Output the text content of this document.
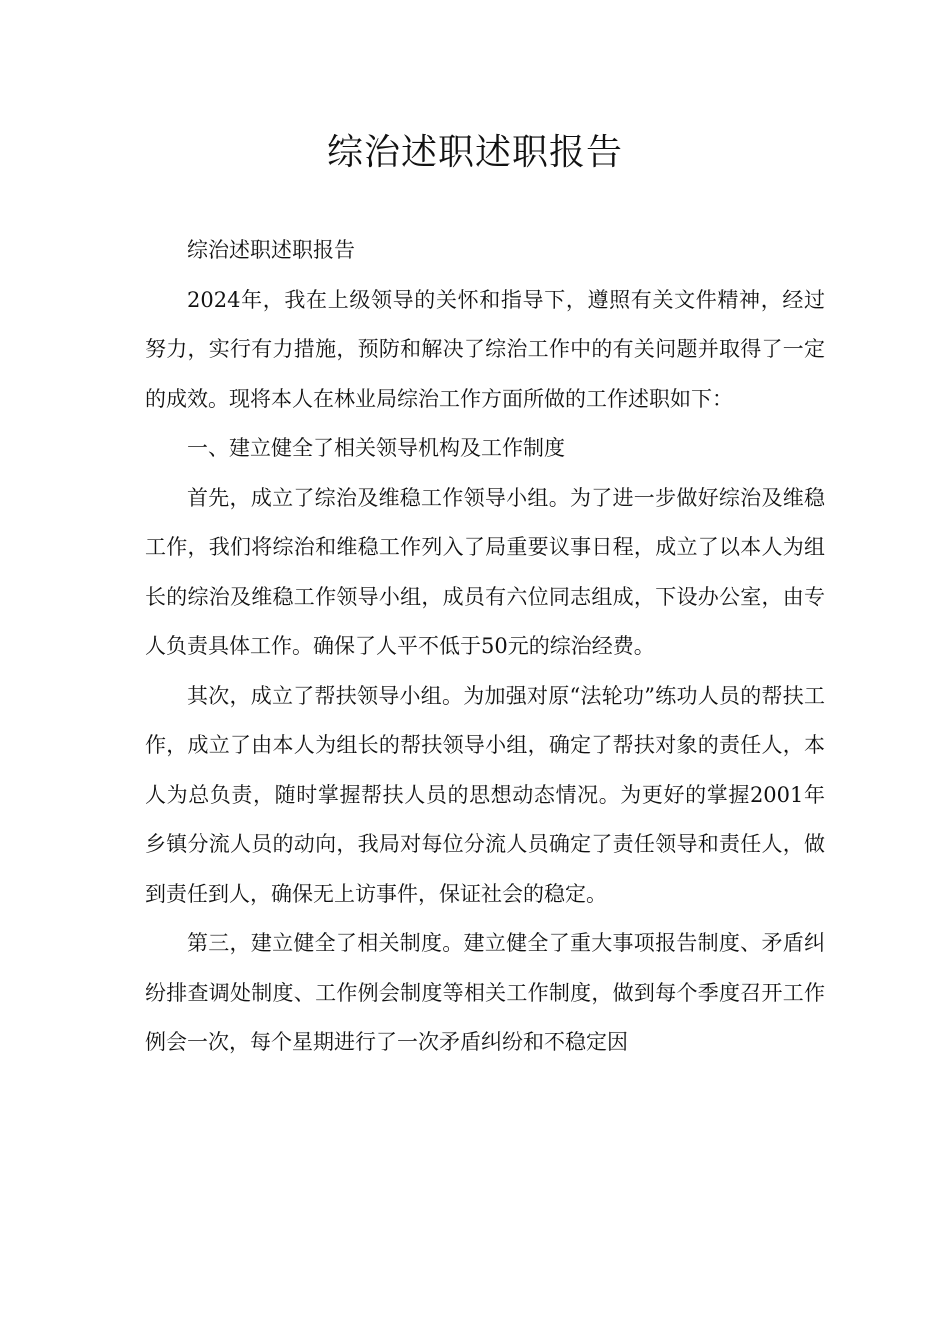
综治述职述职报告

综治述职述职报告

2024年，我在上级领导的关怀和指导下，遵照有关文件精神，经过努力，实行有力措施，预防和解决了综治工作中的有关问题并取得了一定的成效。现将本人在林业局综治工作方面所做的工作述职如下：

一、建立健全了相关领导机构及工作制度

首先，成立了综治及维稳工作领导小组。为了进一步做好综治及维稳工作，我们将综治和维稳工作列入了局重要议事日程，成立了以本人为组长的综治及维稳工作领导小组，成员有六位同志组成，下设办公室，由专人负责具体工作。确保了人平不低于50元的综治经费。

其次，成立了帮扶领导小组。为加强对原“法轮功”练功人员的帮扶工作，成立了由本人为组长的帮扶领导小组，确定了帮扶对象的责任人，本人为总负责，随时掌握帮扶人员的思想动态情况。为更好的掌握2001年乡镇分流人员的动向，我局对每位分流人员确定了责任领导和责任人，做到责任到人，确保无上访事件，保证社会的稳定。

第三，建立健全了相关制度。建立健全了重大事项报告制度、矛盾纠纷排查调处制度、工作例会制度等相关工作制度，做到每个季度召开工作例会一次，每个星期进行了一次矛盾纠纷和不稳定因
